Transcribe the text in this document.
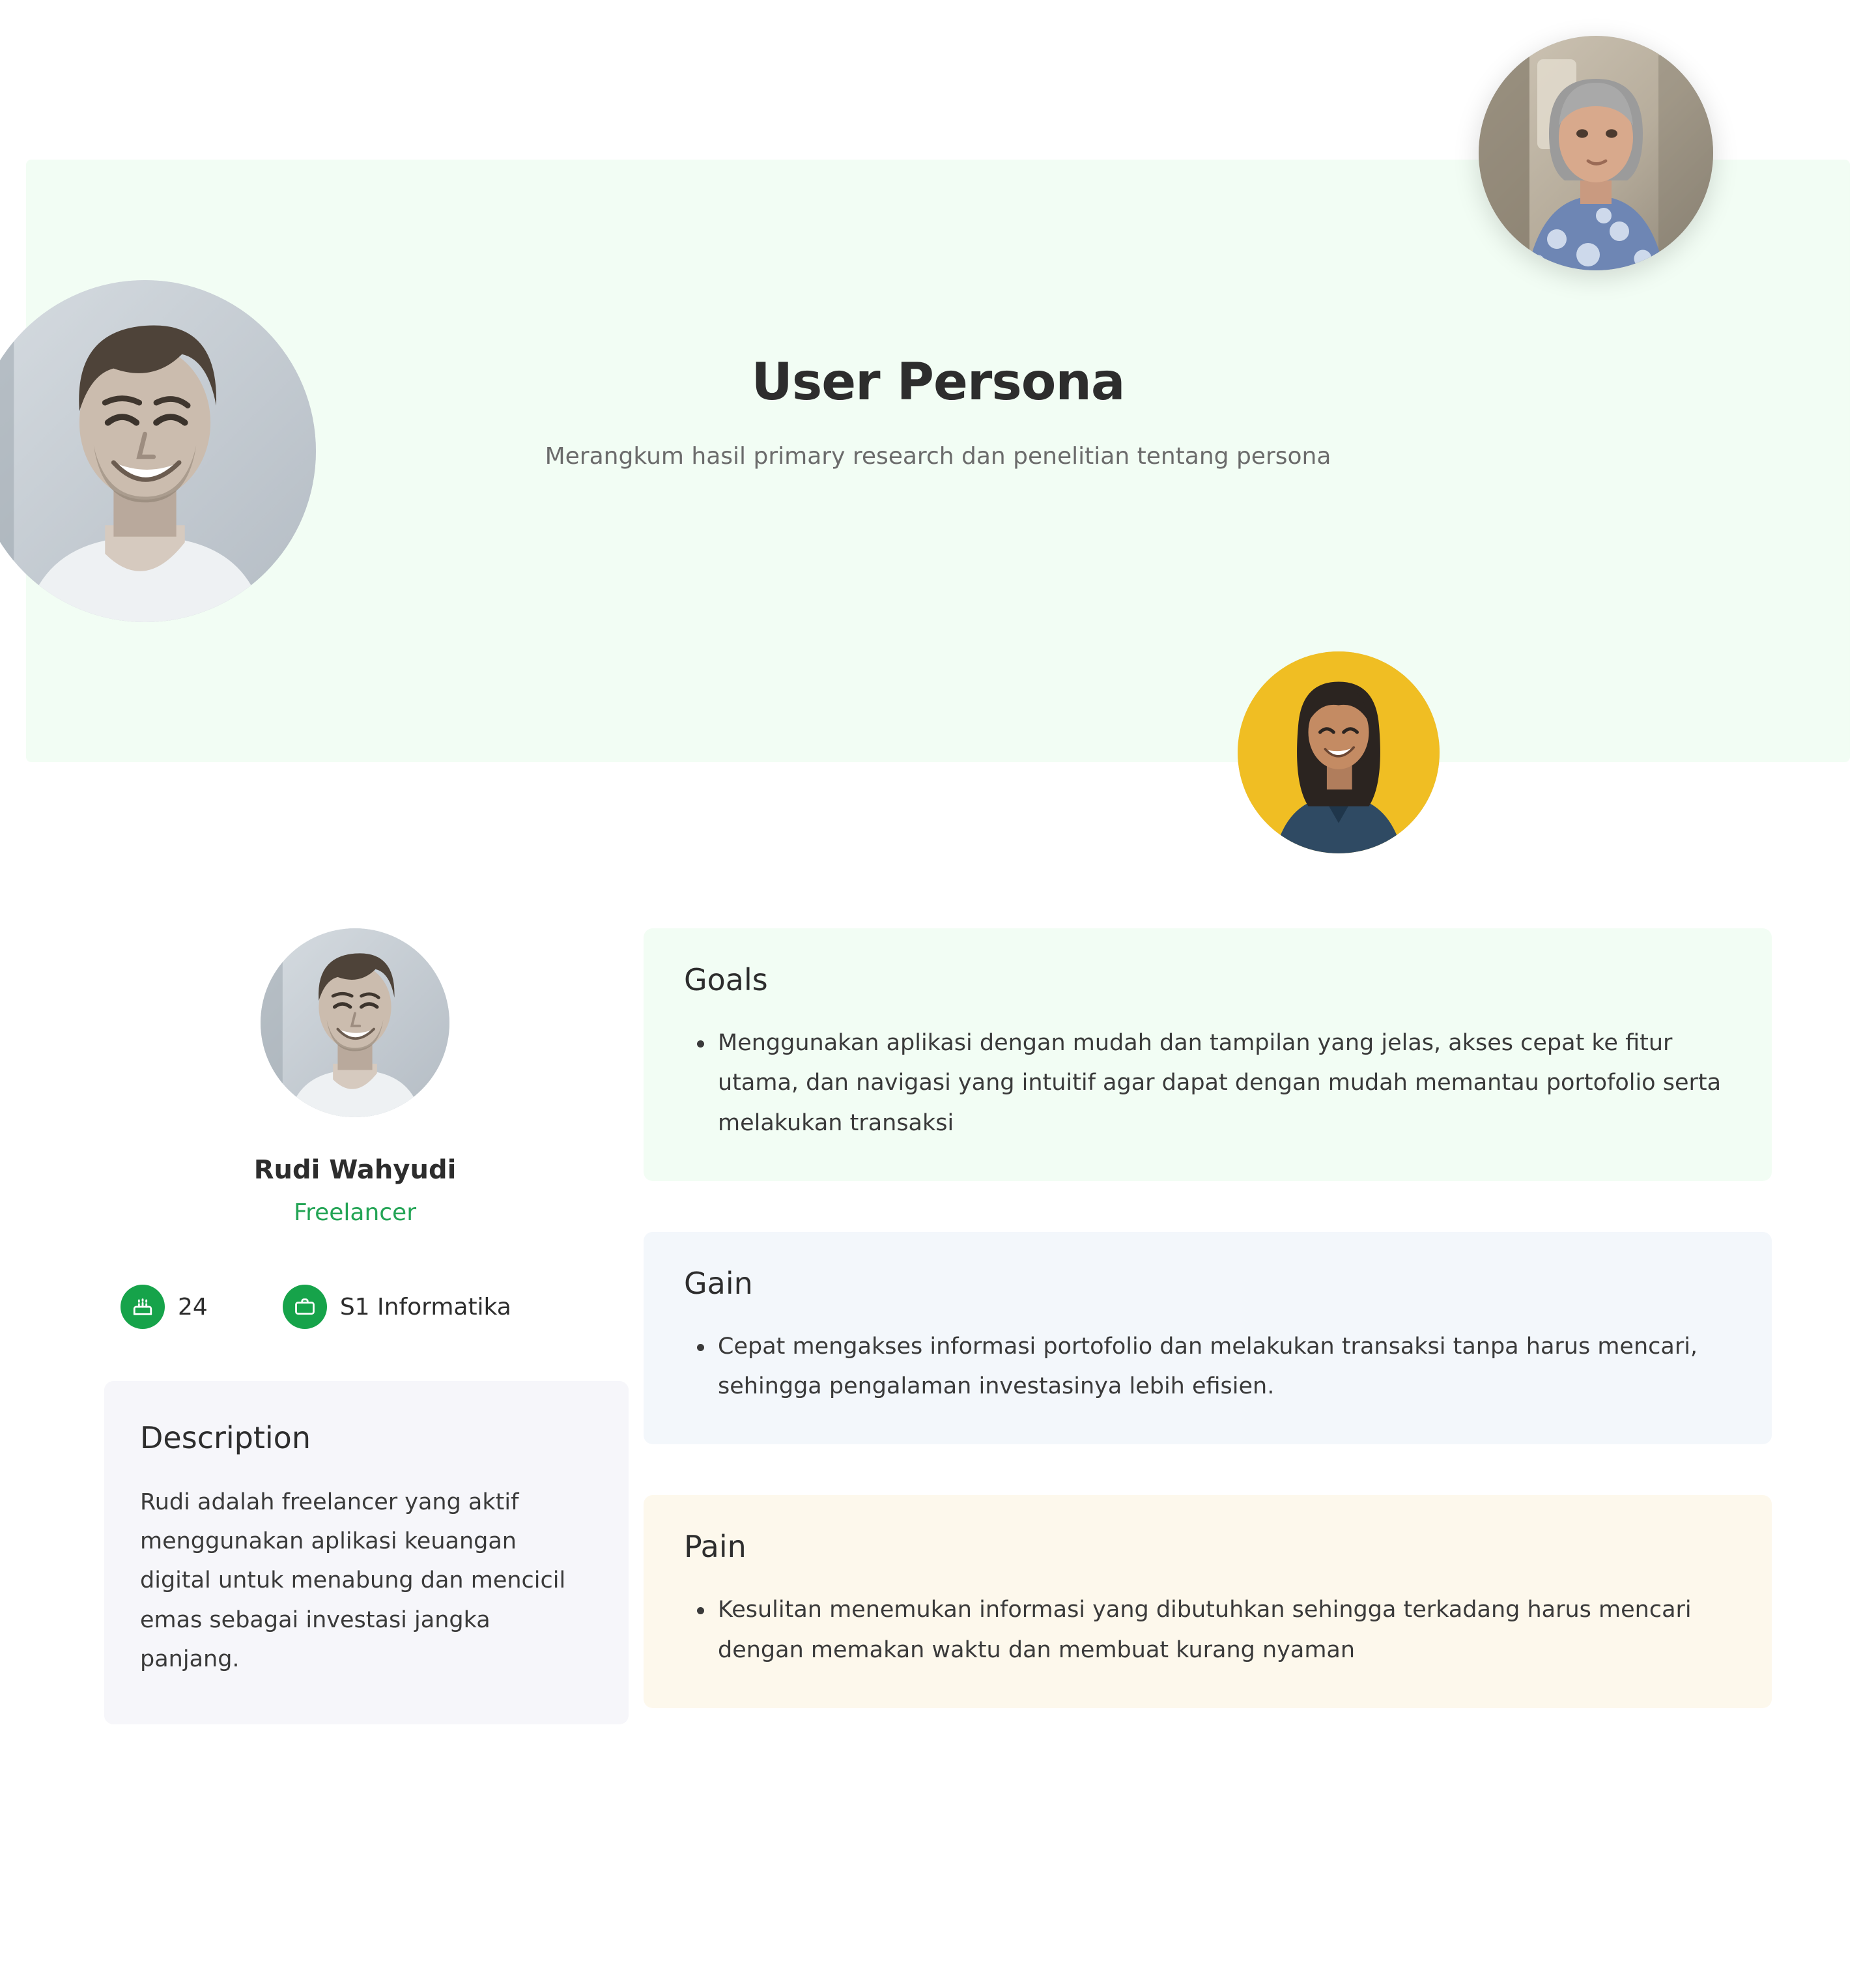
User Persona

Merangkum hasil primary research dan penelitian tentang persona

Rudi Wahyudi
Freelancer
24	S1 Informatika
Description

Rudi adalah freelancer yang aktif menggunakan aplikasi keuangan digital untuk menabung dan mencicil emas sebagai investasi jangka panjang.

Goals
Menggunakan aplikasi dengan mudah dan tampilan yang jelas, akses cepat ke fitur utama, dan navigasi yang intuitif agar dapat dengan mudah memantau portofolio serta melakukan transaksi
Gain
Cepat mengakses informasi portofolio dan melakukan transaksi tanpa harus mencari, sehingga pengalaman investasinya lebih efisien.
Pain
Kesulitan menemukan informasi yang dibutuhkan sehingga terkadang harus mencari dengan memakan waktu dan membuat kurang nyaman
